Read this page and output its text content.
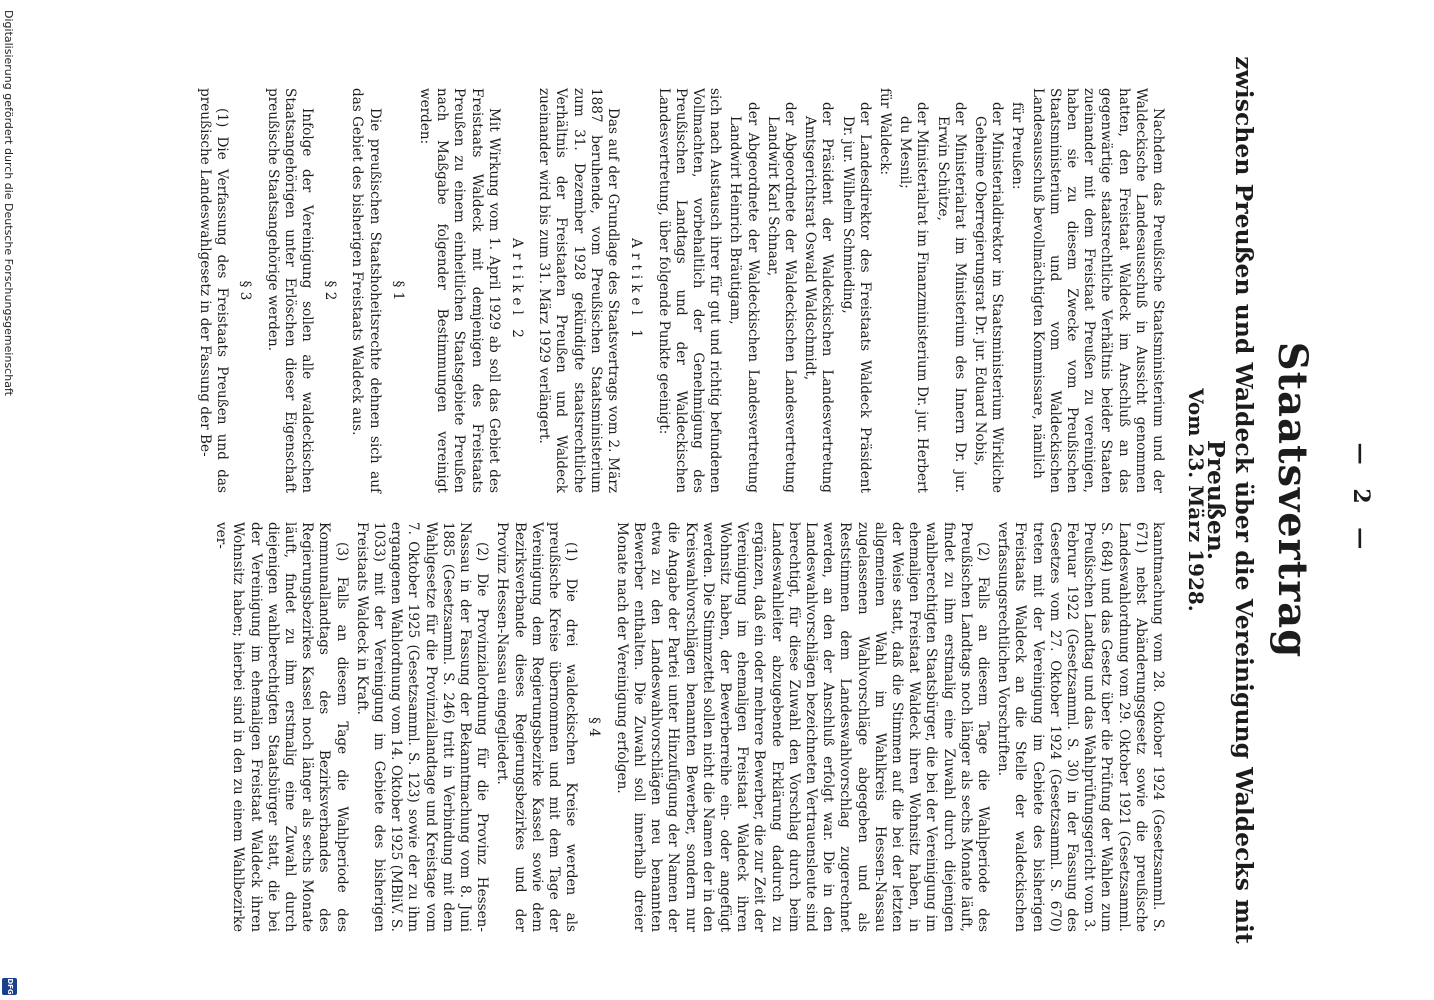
— 2 —
Staatsvertrag
zwischen Preußen und Waldeck über die Vereinigung Waldecks mit Preußen.
Vom 23. März 1928.

Nachdem das Preußische Staatsministerium und der Waldeckische Landesausschuß in Aussicht genommen hatten, den Freistaat Waldeck im Anschluß an das gegenwärtige staatsrechtliche Verhältnis beider Staaten zueinander mit dem Freistaat Preußen zu vereinigen, haben sie zu diesem Zwecke vom Preußischen Staatsministerium und vom Waldeckischen Landesausschuß bevollmächtigten Kommissare, nämlich

für Preußen:

der Ministerialdirektor im Staatsministerium Wirkliche Geheime Oberregierungsrat Dr. jur. Eduard Nobis,

der Ministerialrat im Ministerium des Innern Dr. jur. Erwin Schütze,

der Ministerialrat im Finanzministerium Dr. jur. Herbert du Mesnil;

für Waldeck:

der Landesdirektor des Freistaats Waldeck Präsident Dr. jur. Wilhelm Schmieding,

der Präsident der Waldeckischen Landesvertretung Amtsgerichtsrat Oswald Waldschmidt,

der Abgeordnete der Waldeckischen Landesvertretung Landwirt Karl Schnaar,

der Abgeordnete der Waldeckischen Landesvertretung Landwirt Heinrich Bräutigam,

sich nach Austausch ihrer für gut und richtig befundenen Vollmachten, vorbehaltlich der Genehmigung des Preußischen Landtags und der Waldeckischen Landesvertretung, über folgende Punkte geeinigt:

Artikel 1

Das auf der Grundlage des Staatsvertrags vom 2. März 1887 beruhende, vom Preußischen Staatsministerium zum 31. Dezember 1928 gekündigte staatsrechtliche Verhältnis der Freistaaten Preußen und Waldeck zueinander wird bis zum 31. März 1929 verlängert.

Artikel 2

Mit Wirkung vom 1. April 1929 ab soll das Gebiet des Freistaats Waldeck mit demjenigen des Freistaats Preußen zu einem einheitlichen Staatsgebiete Preußen nach Maßgabe folgender Bestimmungen vereinigt werden:

§ 1

Die preußischen Staatshoheitsrechte dehnen sich auf das Gebiet des bisherigen Freistaats Waldeck aus.

§ 2

Infolge der Vereinigung sollen alle waldeckischen Staatsangehörigen unter Erlöschen dieser Eigenschaft preußische Staatsangehörige werden.

§ 3

(1) Die Verfassung des Freistaats Preußen und das preußische Landeswahlgesetz in der Fassung der Be-

kanntmachung vom 28. Oktober 1924 (Gesetzsamml. S. 671) nebst Abänderungsgesetz sowie die preußische Landeswahlordnung vom 29. Oktober 1921 (Gesetzsamml. S. 684) und das Gesetz über die Prüfung der Wahlen zum Preußischen Landtag und das Wahlprüfungsgericht vom 3. Februar 1922 (Gesetzsamml. S. 30) in der Fassung des Gesetzes vom 27. Oktober 1924 (Gesetzsamml. S. 670) treten mit der Vereinigung im Gebiete des bisherigen Freistaats Waldeck an die Stelle der waldeckischen verfassungsrechtlichen Vorschriften.

(2) Falls an diesem Tage die Wahlperiode des Preußischen Landtags noch länger als sechs Monate läuft, findet zu ihm erstmalig eine Zuwahl durch diejenigen wahlberechtigten Staatsbürger, die bei der Vereinigung im ehemaligen Freistaat Waldeck ihren Wohnsitz haben, in der Weise statt, daß die Stimmen auf die bei der letzten allgemeinen Wahl im Wahlkreis Hessen-Nassau zugelassenen Wahlvorschläge abgegeben und als Reststimmen dem Landeswahlvorschlag zugerechnet werden, an den der Anschluß erfolgt war. Die in den Landeswahlvorschlägen bezeichneten Vertrauensleute sind berechtigt, für diese Zuwahl den Vorschlag durch beim Landeswahlleiter abzugebende Erklärung dadurch zu ergänzen, daß ein oder mehrere Bewerber, die zur Zeit der Vereinigung im ehemaligen Freistaat Waldeck ihren Wohnsitz haben, der Bewerberreihe ein- oder angefügt werden. Die Stimmzettel sollen nicht die Namen der in den Kreiswahlvorschlägen benannten Bewerber, sondern nur die Angabe der Partei unter Hinzufügung der Namen der etwa zu den Landeswahlvorschlägen neu benannten Bewerber enthalten. Die Zuwahl soll innerhalb dreier Monate nach der Vereinigung erfolgen.

§ 4

(1) Die drei waldeckischen Kreise werden als preußische Kreise übernommen und mit dem Tage der Vereinigung dem Regierungsbezirke Kassel sowie dem Bezirksverbande dieses Regierungsbezirkes und der Provinz Hessen-Nassau eingegliedert.

(2) Die Provinzialordnung für die Provinz Hessen-Nassau in der Fassung der Bekanntmachung vom 8. Juni 1885 (Gesetzsamml. S. 246) tritt in Verbindung mit dem Wahlgesetze für die Provinziallandtage und Kreistage vom 7. Oktober 1925 (Gesetzsamml. S. 123) sowie der zu ihm ergangenen Wahlordnung vom 14. Oktober 1925 (MBliV. S. 1033) mit der Vereinigung im Gebiete des bisherigen Freistaats Waldeck in Kraft.

(3) Falls an diesem Tage die Wahlperiode des Kommunallandtags des Bezirksverbandes des Regierungsbezirkes Kassel noch länger als sechs Monate läuft, findet zu ihm erstmalig eine Zuwahl durch diejenigen wahlberechtigten Staatsbürger statt, die bei der Vereinigung im ehemaligen Freistaat Waldeck ihren Wohnsitz haben; hierbei sind in den zu einem Wahlbezirke ver-

Digitalisierung gefördert durch die Deutsche Forschungsgemeinschaft
DFG
